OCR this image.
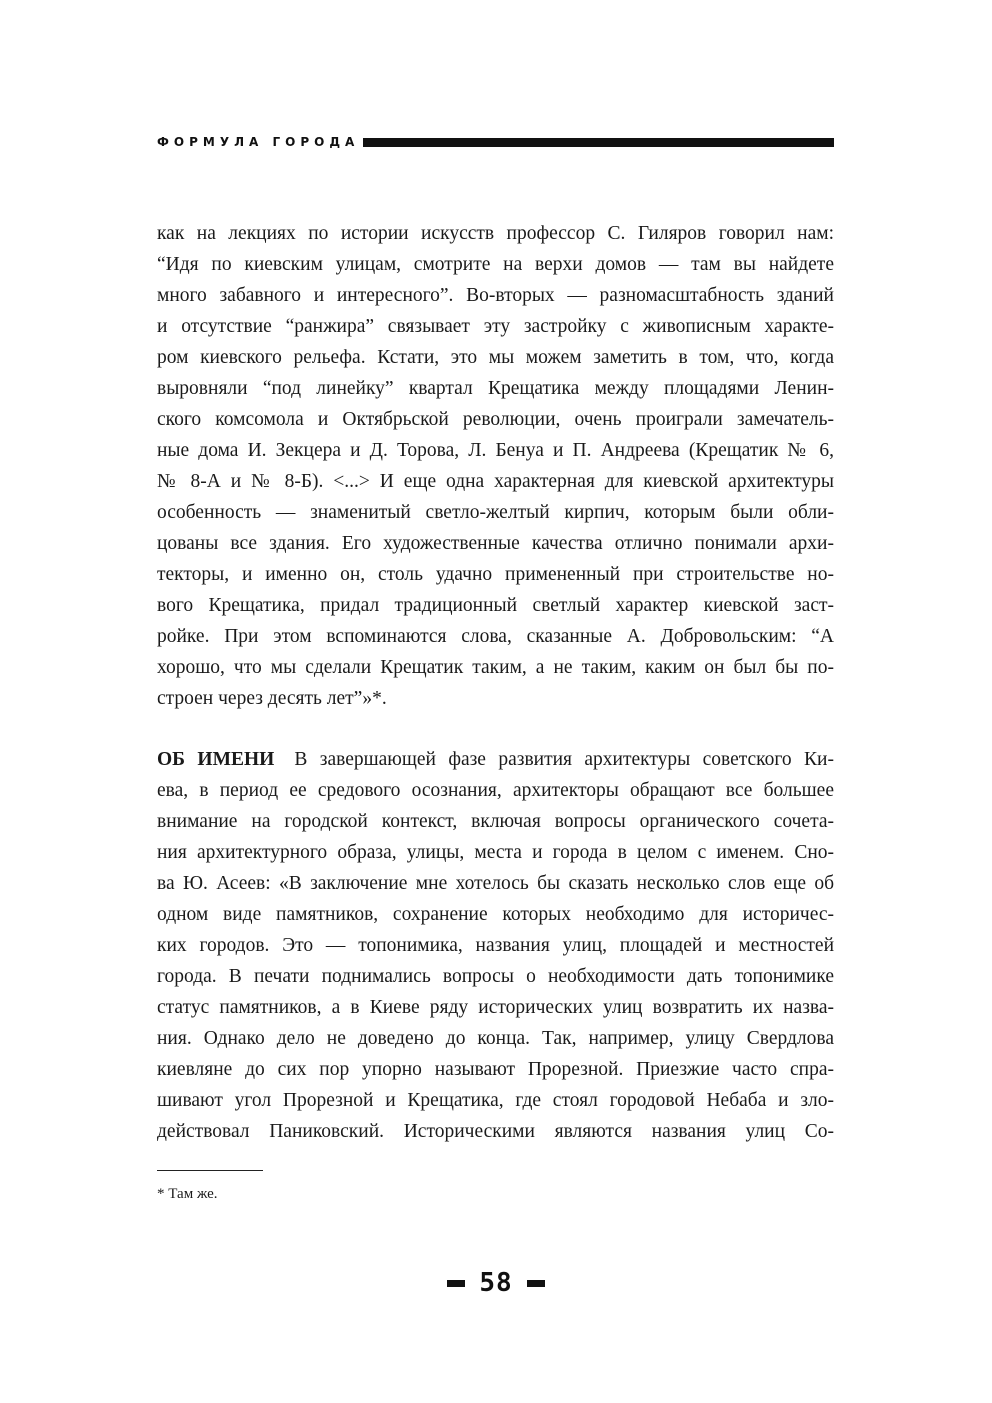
ФОРМУЛА ГОРОДА
как на лекциях по истории искусств профессор С. Гиляров говорил нам:
“Идя по киевским улицам, смотрите на верхи домов — там вы найдете
много забавного и интересного”. Во-вторых — разномасштабность зданий
и отсутствие “ранжира” связывает эту застройку с живописным характе-
ром киевского рельефа. Кстати, это мы можем заметить в том, что, когда
выровняли “под линейку” квартал Крещатика между площадями Ленин-
ского комсомола и Октябрьской революции, очень проиграли замечатель-
ные дома И. Зекцера и Д. Торова, Л. Бенуа и П. Андреева (Крещатик № 6,
№ 8-А и № 8-Б). <...> И еще одна характерная для киевской архитектуры
особенность — знаменитый светло-желтый кирпич, которым были обли-
цованы все здания. Его художественные качества отлично понимали архи-
текторы, и именно он, столь удачно примененный при строительстве но-
вого Крещатика, придал традиционный светлый характер киевской заст-
ройке. При этом вспоминаются слова, сказанные А. Добровольским: “А
хорошо, что мы сделали Крещатик таким, а не таким, каким он был бы по-
строен через десять лет”»*.
ОБ ИМЕНИ В завершающей фазе развития архитектуры советского Ки-
ева, в период ее средового осознания, архитекторы обращают все большее
внимание на городской контекст, включая вопросы органического сочета-
ния архитектурного образа, улицы, места и города в целом с именем. Сно-
ва Ю. Асеев: «В заключение мне хотелось бы сказать несколько слов еще об
одном виде памятников, сохранение которых необходимо для историчес-
ких городов. Это — топонимика, названия улиц, площадей и местностей
города. В печати поднимались вопросы о необходимости дать топонимике
статус памятников, а в Киеве ряду исторических улиц возвратить их назва-
ния. Однако дело не доведено до конца. Так, например, улицу Свердлова
киевляне до сих пор упорно называют Прорезной. Приезжие часто спра-
шивают угол Прорезной и Крещатика, где стоял городовой Небаба и зло-
действовал Паниковский. Историческими являются названия улиц Со-
* Там же.
58
